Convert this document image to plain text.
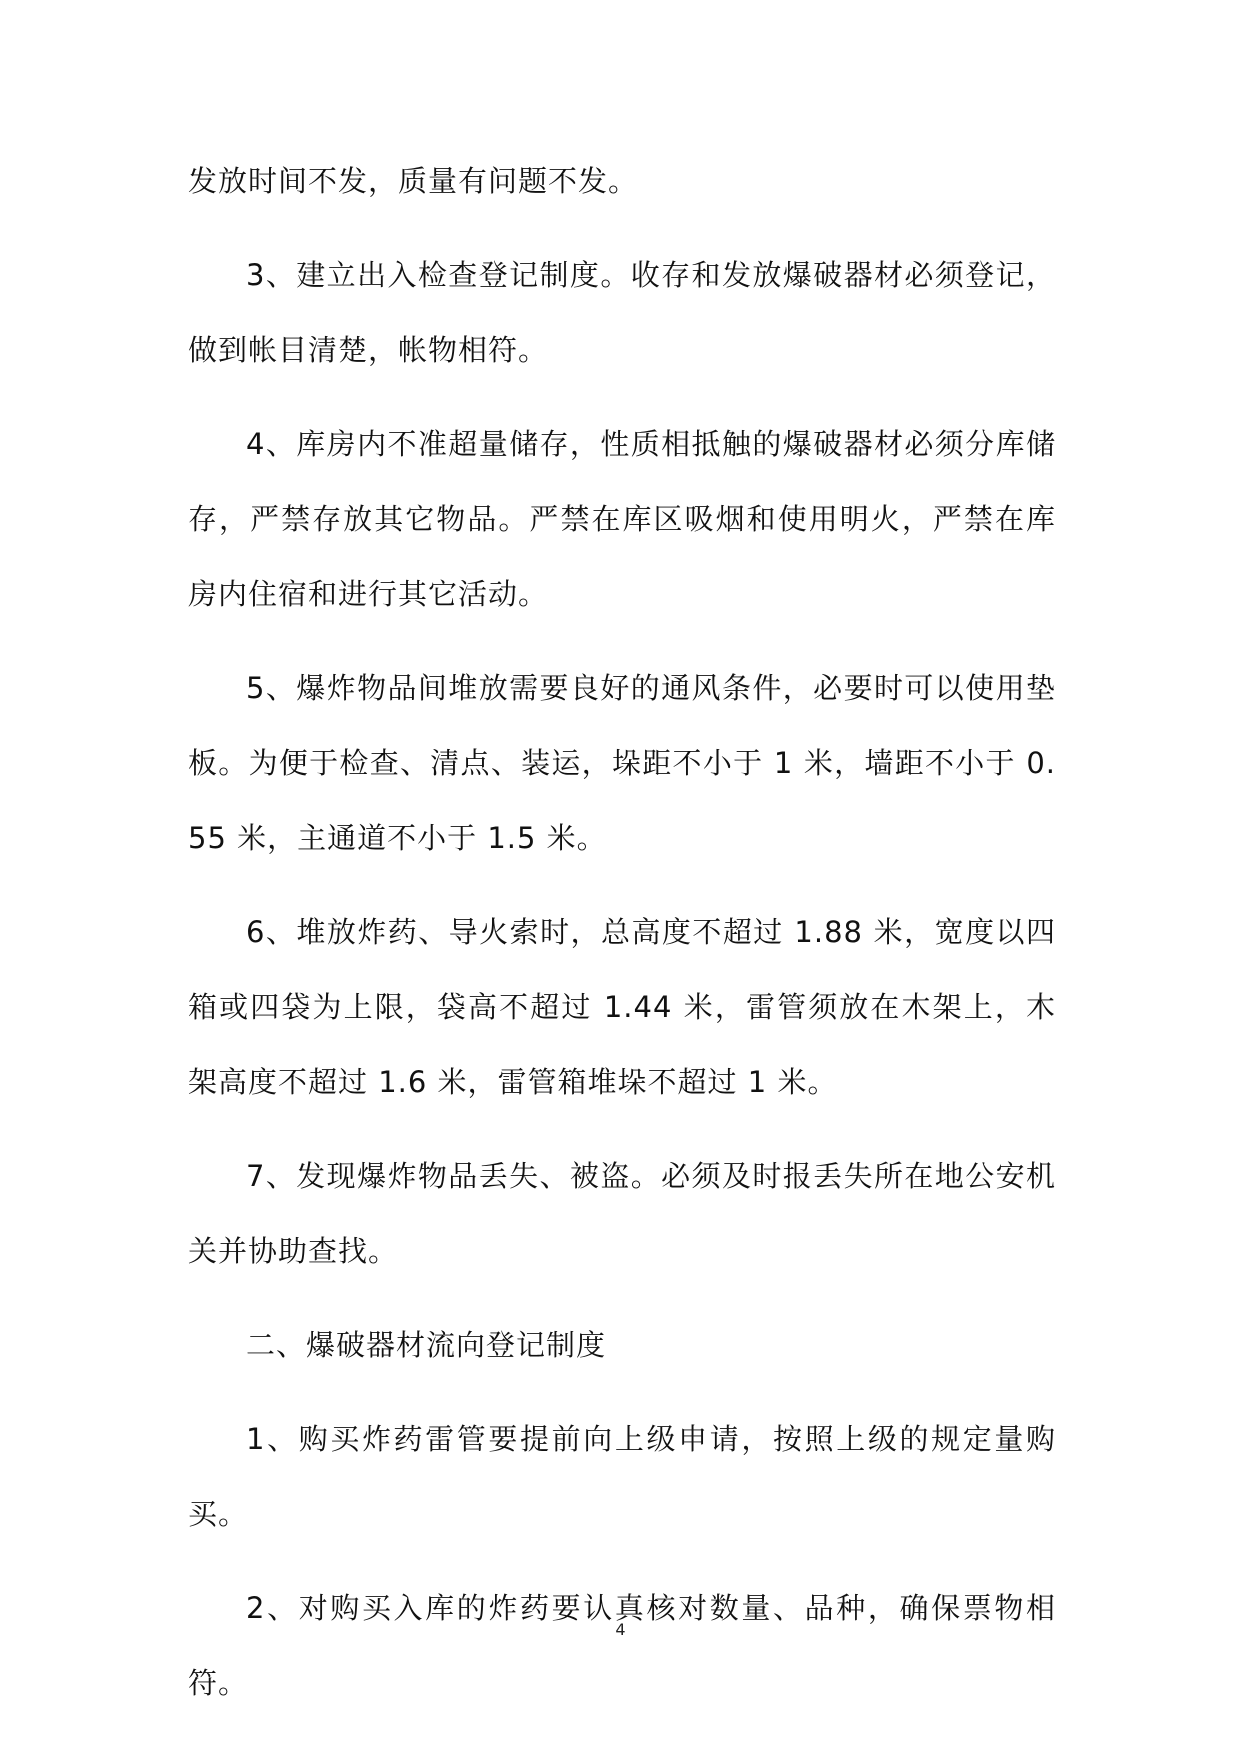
发放时间不发，质量有问题不发。

3、建立出入检查登记制度。收存和发放爆破器材必须登记，做到帐目清楚，帐物相符。

4、库房内不准超量储存，性质相抵触的爆破器材必须分库储存，严禁存放其它物品。严禁在库区吸烟和使用明火，严禁在库房内住宿和进行其它活动。

5、爆炸物品间堆放需要良好的通风条件，必要时可以使用垫板。为便于检查、清点、装运，垛距不小于 1 米，墙距不小于 0.55 米，主通道不小于 1.5 米。

6、堆放炸药、导火索时，总高度不超过 1.88 米，宽度以四箱或四袋为上限，袋高不超过 1.44 米，雷管须放在木架上，木架高度不超过 1.6 米，雷管箱堆垛不超过 1 米。

7、发现爆炸物品丢失、被盗。必须及时报丢失所在地公安机关并协助查找。

二、爆破器材流向登记制度

1、购买炸药雷管要提前向上级申请，按照上级的规定量购买。

2、对购买入库的炸药要认真核对数量、品种，确保票物相符。

4
